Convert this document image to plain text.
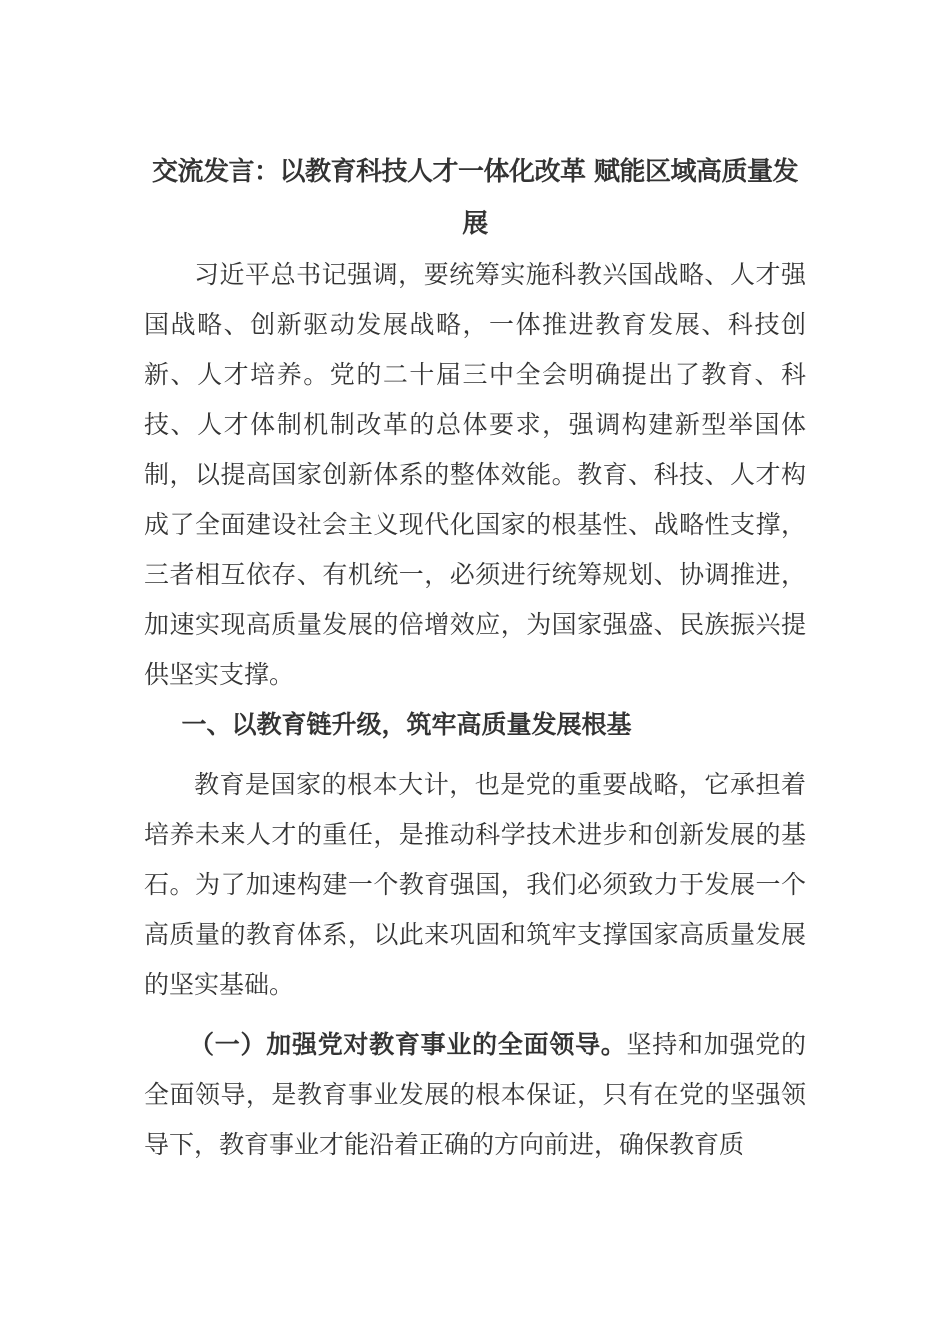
交流发言：以教育科技人才一体化改革 赋能区域高质量发展

习近平总书记强调，要统筹实施科教兴国战略、人才强国战略、创新驱动发展战略，一体推进教育发展、科技创新、人才培养。党的二十届三中全会明确提出了教育、科技、人才体制机制改革的总体要求，强调构建新型举国体制，以提高国家创新体系的整体效能。教育、科技、人才构成了全面建设社会主义现代化国家的根基性、战略性支撑，三者相互依存、有机统一，必须进行统筹规划、协调推进，加速实现高质量发展的倍增效应，为国家强盛、民族振兴提供坚实支撑。

一、以教育链升级，筑牢高质量发展根基

教育是国家的根本大计，也是党的重要战略，它承担着培养未来人才的重任，是推动科学技术进步和创新发展的基石。为了加速构建一个教育强国，我们必须致力于发展一个高质量的教育体系，以此来巩固和筑牢支撑国家高质量发展的坚实基础。

（一）加强党对教育事业的全面领导。坚持和加强党的全面领导，是教育事业发展的根本保证，只有在党的坚强领导下，教育事业才能沿着正确的方向前进，确保教育质
